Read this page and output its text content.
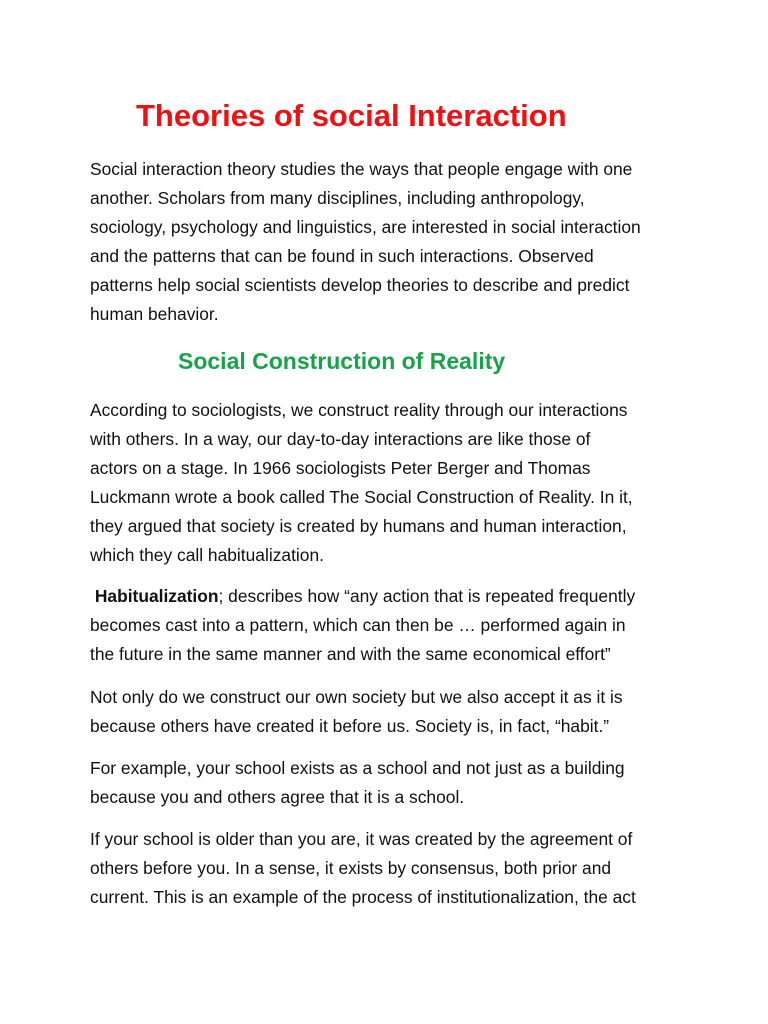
Theories of social Interaction

Social interaction theory studies the ways that people engage with one
another. Scholars from many disciplines, including anthropology,
sociology, psychology and linguistics, are interested in social interaction
and the patterns that can be found in such interactions. Observed
patterns help social scientists develop theories to describe and predict
human behavior.

Social Construction of Reality

According to sociologists, we construct reality through our interactions
with others. In a way, our day-to-day interactions are like those of
actors on a stage. In 1966 sociologists Peter Berger and Thomas
Luckmann wrote a book called The Social Construction of Reality. In it,
they argued that society is created by humans and human interaction,
which they call habitualization.

Habitualization; describes how “any action that is repeated frequently
becomes cast into a pattern, which can then be … performed again in
the future in the same manner and with the same economical effort”

Not only do we construct our own society but we also accept it as it is
because others have created it before us. Society is, in fact, “habit.”

For example, your school exists as a school and not just as a building
because you and others agree that it is a school.

If your school is older than you are, it was created by the agreement of
others before you. In a sense, it exists by consensus, both prior and
current. This is an example of the process of institutionalization, the act
